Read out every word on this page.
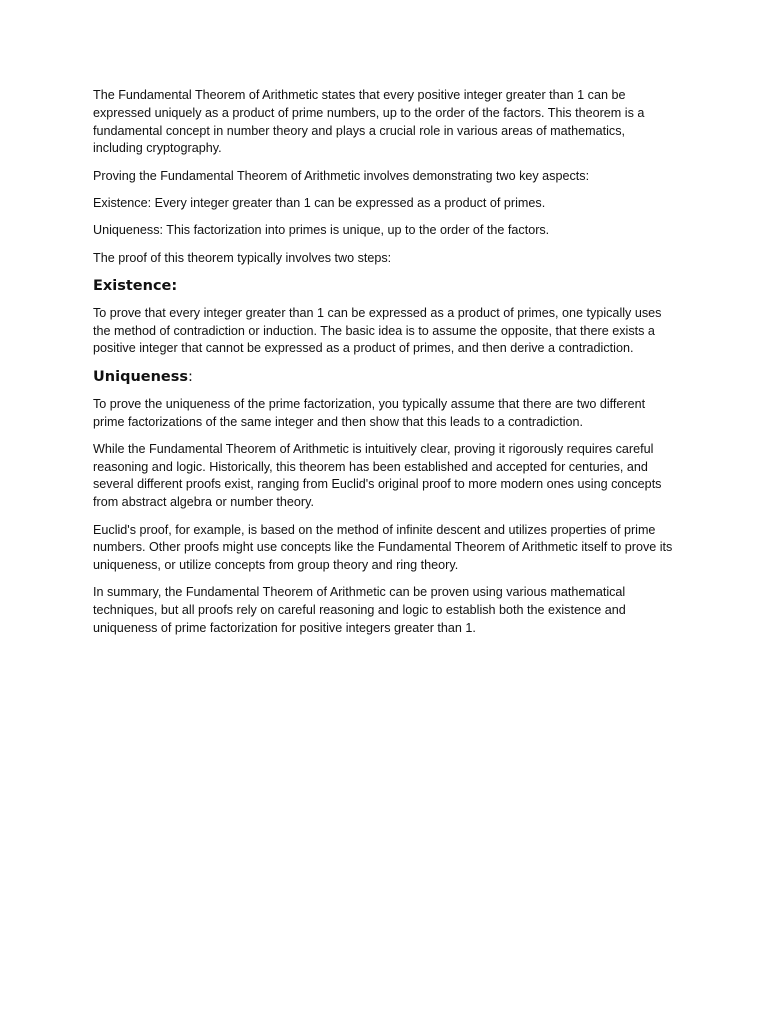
The Fundamental Theorem of Arithmetic states that every positive integer greater than 1 can be expressed uniquely as a product of prime numbers, up to the order of the factors. This theorem is a fundamental concept in number theory and plays a crucial role in various areas of mathematics, including cryptography.

Proving the Fundamental Theorem of Arithmetic involves demonstrating two key aspects:

Existence: Every integer greater than 1 can be expressed as a product of primes.

Uniqueness: This factorization into primes is unique, up to the order of the factors.

The proof of this theorem typically involves two steps:

Existence:

To prove that every integer greater than 1 can be expressed as a product of primes, one typically uses the method of contradiction or induction. The basic idea is to assume the opposite, that there exists a positive integer that cannot be expressed as a product of primes, and then derive a contradiction.

Uniqueness:

To prove the uniqueness of the prime factorization, you typically assume that there are two different prime factorizations of the same integer and then show that this leads to a contradiction.

While the Fundamental Theorem of Arithmetic is intuitively clear, proving it rigorously requires careful reasoning and logic. Historically, this theorem has been established and accepted for centuries, and several different proofs exist, ranging from Euclid's original proof to more modern ones using concepts from abstract algebra or number theory.

Euclid's proof, for example, is based on the method of infinite descent and utilizes properties of prime numbers. Other proofs might use concepts like the Fundamental Theorem of Arithmetic itself to prove its uniqueness, or utilize concepts from group theory and ring theory.

In summary, the Fundamental Theorem of Arithmetic can be proven using various mathematical techniques, but all proofs rely on careful reasoning and logic to establish both the existence and uniqueness of prime factorization for positive integers greater than 1.
